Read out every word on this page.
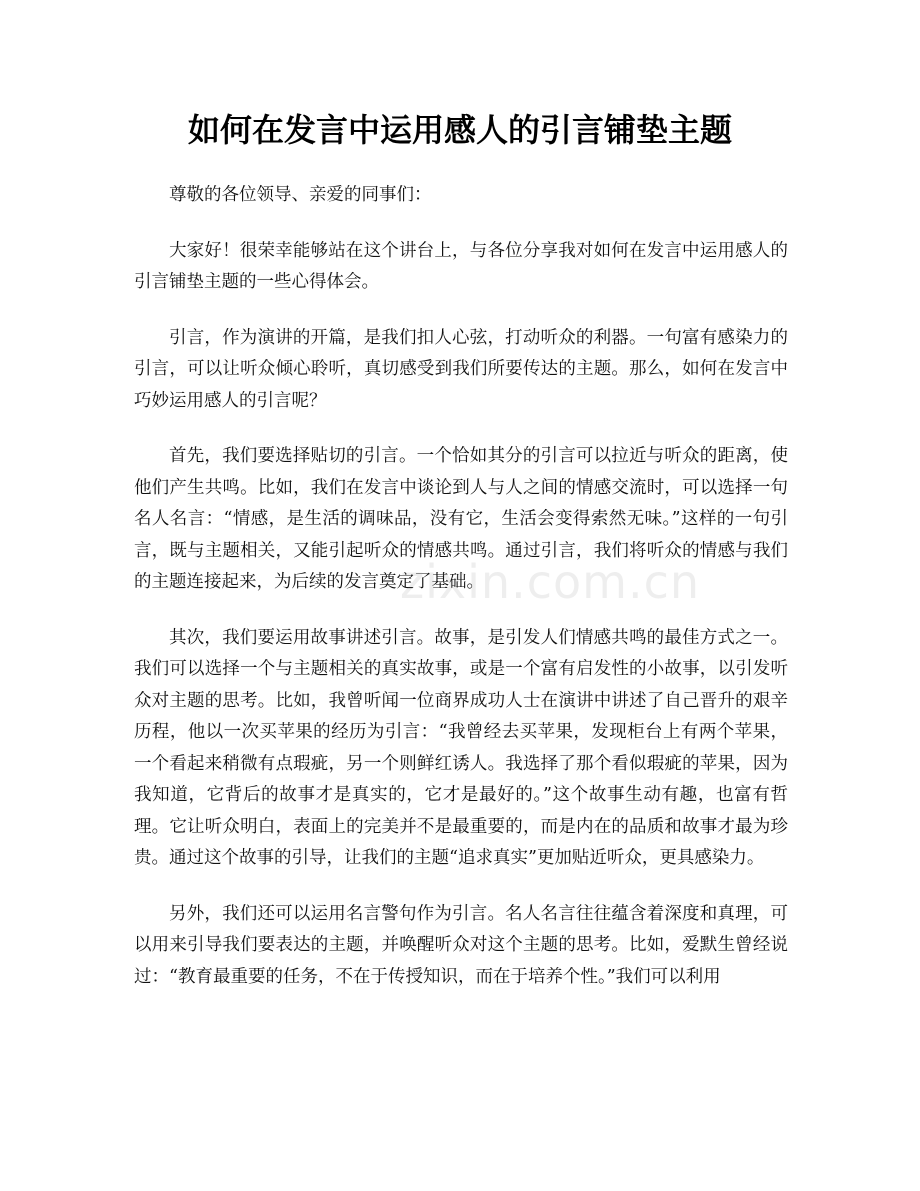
如何在发言中运用感人的引言铺垫主题

尊敬的各位领导、亲爱的同事们：

大家好！很荣幸能够站在这个讲台上，与各位分享我对如何在发言中运用感人的引言铺垫主题的一些心得体会。

引言，作为演讲的开篇，是我们扣人心弦，打动听众的利器。一句富有感染力的引言，可以让听众倾心聆听，真切感受到我们所要传达的主题。那么，如何在发言中巧妙运用感人的引言呢？

首先，我们要选择贴切的引言。一个恰如其分的引言可以拉近与听众的距离，使他们产生共鸣。比如，我们在发言中谈论到人与人之间的情感交流时，可以选择一句名人名言：“情感，是生活的调味品，没有它，生活会变得索然无味。”这样的一句引言，既与主题相关，又能引起听众的情感共鸣。通过引言，我们将听众的情感与我们的主题连接起来，为后续的发言奠定了基础。

其次，我们要运用故事讲述引言。故事，是引发人们情感共鸣的最佳方式之一。我们可以选择一个与主题相关的真实故事，或是一个富有启发性的小故事，以引发听众对主题的思考。比如，我曾听闻一位商界成功人士在演讲中讲述了自己晋升的艰辛历程，他以一次买苹果的经历为引言：“我曾经去买苹果，发现柜台上有两个苹果，一个看起来稍微有点瑕疵，另一个则鲜红诱人。我选择了那个看似瑕疵的苹果，因为我知道，它背后的故事才是真实的，它才是最好的。”这个故事生动有趣，也富有哲理。它让听众明白，表面上的完美并不是最重要的，而是内在的品质和故事才最为珍贵。通过这个故事的引导，让我们的主题“追求真实”更加贴近听众，更具感染力。

另外，我们还可以运用名言警句作为引言。名人名言往往蕴含着深度和真理，可以用来引导我们要表达的主题，并唤醒听众对这个主题的思考。比如，爱默生曾经说过：“教育最重要的任务，不在于传授知识，而在于培养个性。”我们可以利用

zixin.com.cn
